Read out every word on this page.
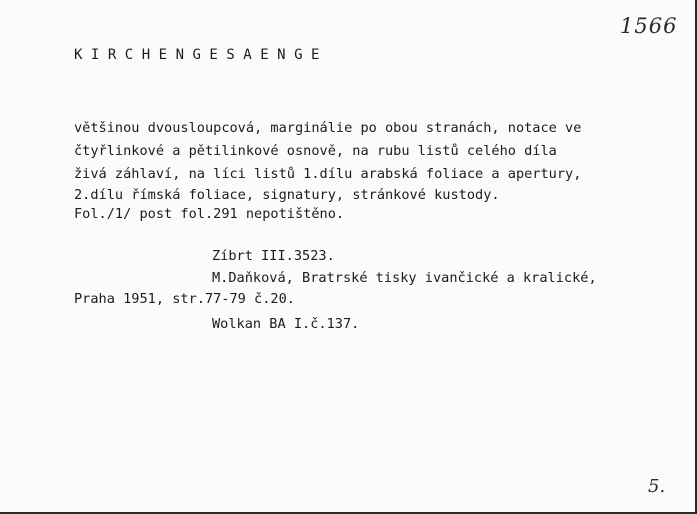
1566
KIRCHENGESAENGE
většinou dvousloupcová, marginálie po obou stranách, notace ve
čtyřlinkové a pětilinkové osnově, na rubu listů celého díla
živá záhlaví, na líci listů 1.dílu arabská foliace a apertury,
2.dílu římská foliace, signatury, stránkové kustody.
Fol./1/ post fol.291 nepotištěno.
Zíbrt III.3523.
M.Daňková, Bratrské tisky ivančické a kralické,
Praha 1951, str.77-79 č.20.
Wolkan BA I.č.137.
5.
